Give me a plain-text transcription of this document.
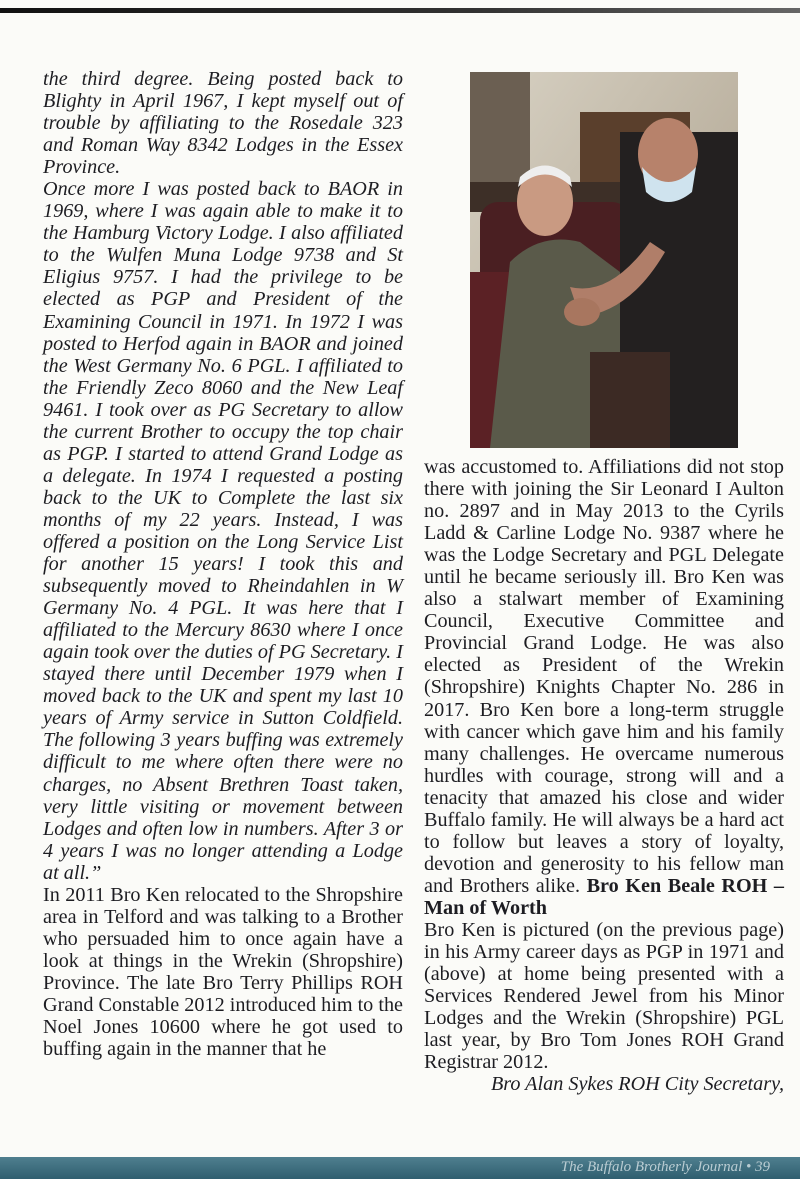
the third degree. Being posted back to Blighty in April 1967, I kept myself out of trouble by affiliating to the Rosedale 323 and Roman Way 8342 Lodges in the Essex Province.

Once more I was posted back to BAOR in 1969, where I was again able to make it to the Hamburg Victory Lodge. I also affiliated to the Wulfen Muna Lodge 9738 and St Eligius 9757. I had the privilege to be elected as PGP and President of the Examining Council in 1971. In 1972 I was posted to Herfod again in BAOR and joined the West Germany No. 6 PGL. I affiliated to the Friendly Zeco 8060 and the New Leaf 9461. I took over as PG Secretary to allow the current Brother to occupy the top chair as PGP. I started to attend Grand Lodge as a delegate. In 1974 I requested a posting back to the UK to Complete the last six months of my 22 years. Instead, I was offered a position on the Long Service List for another 15 years! I took this and subsequently moved to Rheindahlen in W Germany No. 4 PGL. It was here that I affiliated to the Mercury 8630 where I once again took over the duties of PG Secretary. I stayed there until December 1979 when I moved back to the UK and spent my last 10 years of Army service in Sutton Coldfield. The following 3 years buffing was extremely difficult to me where often there were no charges, no Absent Brethren Toast taken, very little visiting or movement between Lodges and often low in numbers. After 3 or 4 years I was no longer attending a Lodge at all.”

In 2011 Bro Ken relocated to the Shropshire area in Telford and was talking to a Brother who persuaded him to once again have a look at things in the Wrekin (Shropshire) Province. The late Bro Terry Phillips ROH Grand Constable 2012 introduced him to the Noel Jones 10600 where he got used to buffing again in the manner that he

was accustomed to. Affiliations did not stop there with joining the Sir Leonard I Aulton no. 2897 and in May 2013 to the Cyrils Ladd & Carline Lodge No. 9387 where he was the Lodge Secretary and PGL Delegate until he became seriously ill. Bro Ken was also a stalwart member of Examining Council, Executive Committee and Provincial Grand Lodge. He was also elected as President of the Wrekin (Shropshire) Knights Chapter No. 286 in 2017. Bro Ken bore a long-term struggle with cancer which gave him and his family many challenges. He overcame numerous hurdles with courage, strong will and a tenacity that amazed his close and wider Buffalo family. He will always be a hard act to follow but leaves a story of loyalty, devotion and generosity to his fellow man and Brothers alike. Bro Ken Beale ROH – Man of Worth

Bro Ken is pictured (on the previous page) in his Army career days as PGP in 1971 and (above) at home being presented with a Services Rendered Jewel from his Minor Lodges and the Wrekin (Shropshire) PGL last year, by Bro Tom Jones ROH Grand Registrar 2012.

Bro Alan Sykes ROH City Secretary,

The Buffalo Brotherly Journal • 39
